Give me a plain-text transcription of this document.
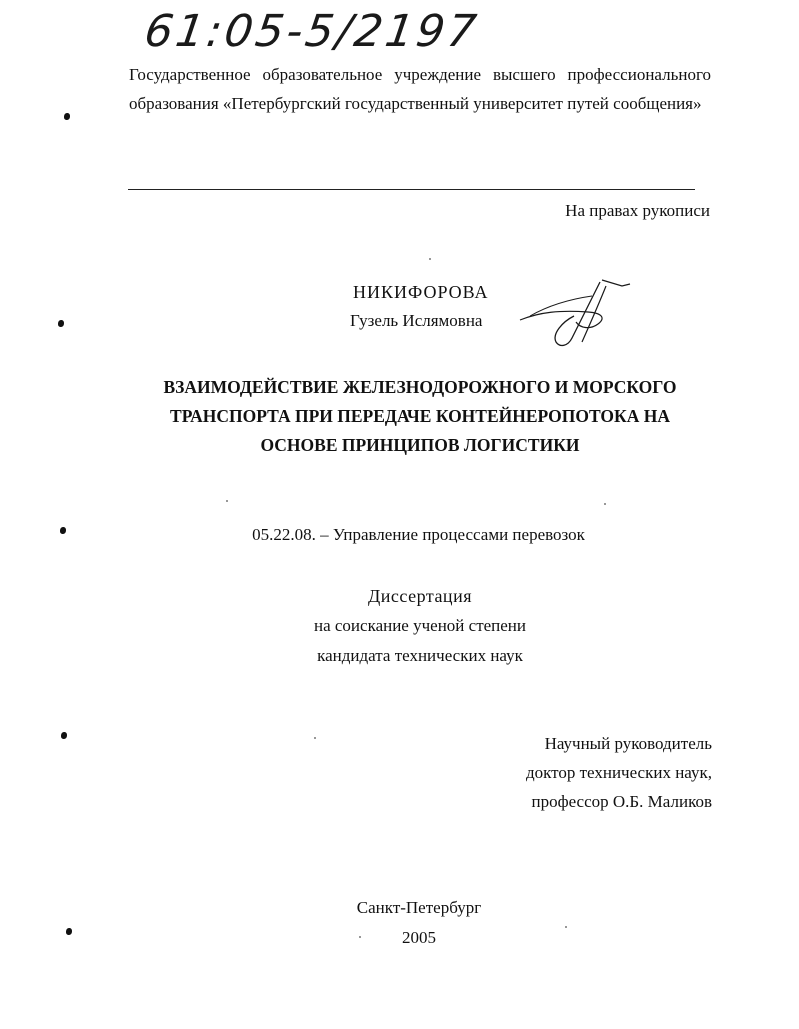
61:05-5/2197
Государственное образовательное учреждение высшего профессионального образования «Петербургский государственный университет путей сообщения»
На правах рукописи
НИКИФОРОВА
Гузель Ислямовна
ВЗАИМОДЕЙСТВИЕ ЖЕЛЕЗНОДОРОЖНОГО И МОРСКОГО
ТРАНСПОРТА ПРИ ПЕРЕДАЧЕ КОНТЕЙНЕРОПОТОКА НА
ОСНОВЕ ПРИНЦИПОВ ЛОГИСТИКИ
05.22.08. – Управление процессами перевозок
Диссертация
на соискание ученой степени
кандидата технических наук
Научный руководитель
доктор технических наук,
профессор О.Б. Маликов
Санкт-Петербург
2005
